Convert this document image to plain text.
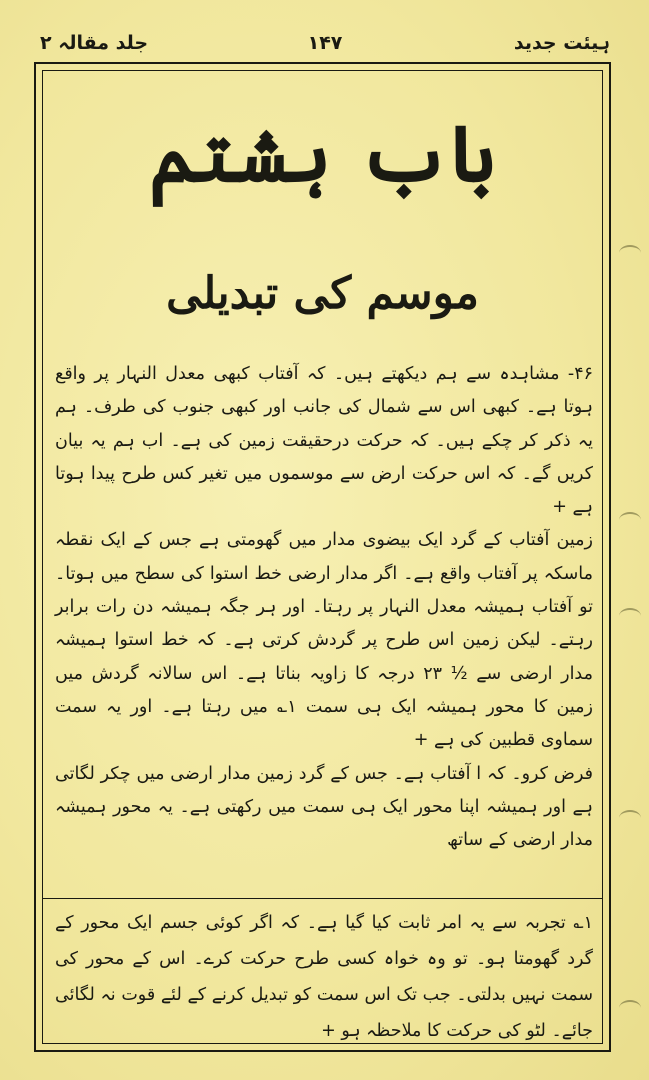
ہیئت جدید
۱۴۷
جلد مقالہ ۲
باب ہشتم
موسم کی تبدیلی

۴۶- مشاہدہ سے ہم دیکھتے ہیں۔ کہ آفتاب کبھی معدل النہار پر واقع ہوتا ہے۔ کبھی اس سے شمال کی جانب اور کبھی جنوب کی طرف۔ ہم یہ ذکر کر چکے ہیں۔ کہ حرکت درحقیقت زمین کی ہے۔ اب ہم یہ بیان کریں گے۔ کہ اس حرکت ارض سے موسموں میں تغیر کس طرح پیدا ہوتا ہے +

زمین آفتاب کے گرد ایک بیضوی مدار میں گھومتی ہے جس کے ایک نقطہ ماسکہ پر آفتاب واقع ہے۔ اگر مدار ارضی خط استوا کی سطح میں ہوتا۔ تو آفتاب ہمیشہ معدل النہار پر رہتا۔ اور ہر جگہ ہمیشہ دن رات برابر رہتے۔ لیکن زمین اس طرح پر گردش کرتی ہے۔ کہ خط استوا ہمیشہ مدار ارضی سے ½ ۲۳ درجہ کا زاویہ بناتا ہے۔ اس سالانہ گردش میں زمین کا محور ہمیشہ ایک ہی سمت ۱؎ میں رہتا ہے۔ اور یہ سمت سماوی قطبین کی ہے +

فرض کرو۔ کہ ا آفتاب ہے۔ جس کے گرد زمین مدار ارضی میں چکر لگاتی ہے اور ہمیشہ اپنا محور ایک ہی سمت میں رکھتی ہے۔ یہ محور ہمیشہ مدار ارضی کے ساتھ

۱؎ تجربہ سے یہ امر ثابت کیا گیا ہے۔ کہ اگر کوئی جسم ایک محور کے گرد گھومتا ہو۔ تو وہ خواہ کسی طرح حرکت کرے۔ اس کے محور کی سمت نہیں بدلتی۔ جب تک اس سمت کو تبدیل کرنے کے لئے قوت نہ لگائی جائے۔ لٹو کی حرکت کا ملاحظہ ہو +
